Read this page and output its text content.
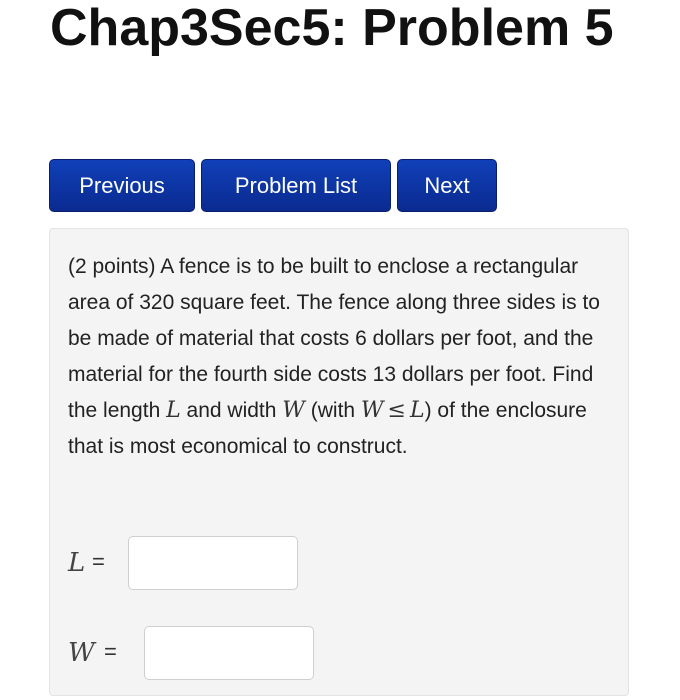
Chap3Sec5: Problem 5
Previous	Problem List	Next

(2 points) A fence is to be built to enclose a rectangular area of 320 square feet. The fence along three sides is to be made of material that costs 6 dollars per foot, and the material for the fourth side costs 13 dollars per foot. Find the length L and width W (with W ≤ L) of the enclosure that is most economical to construct.

L =
W =
